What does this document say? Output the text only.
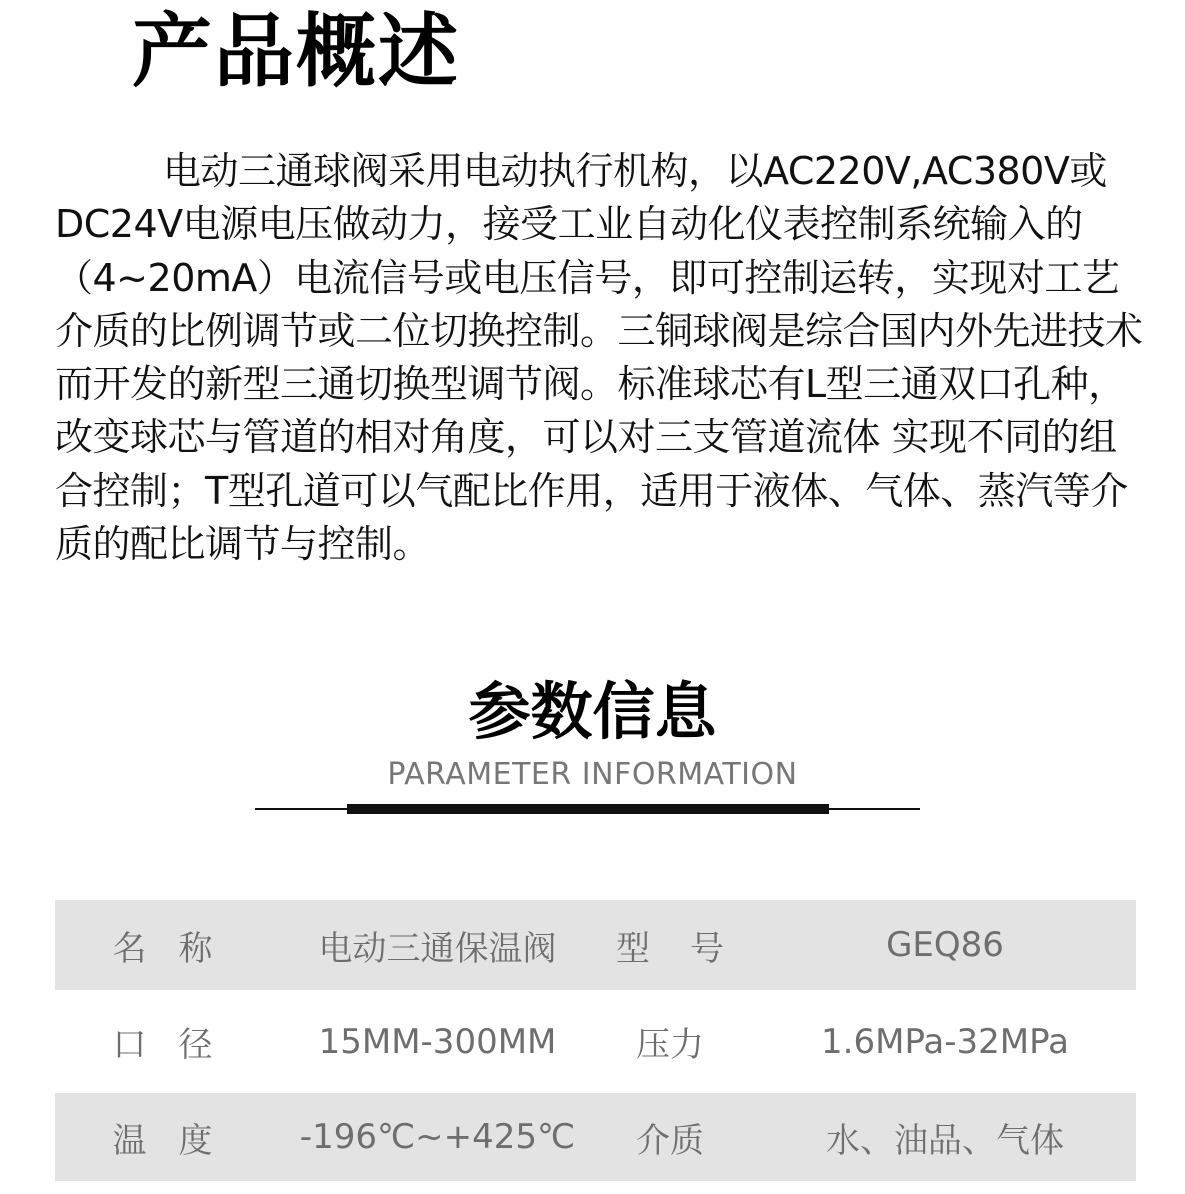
产品概述

电动三通球阀采用电动执行机构，以AC220V,AC380V或DC24V电源电压做动力，接受工业自动化仪表控制系统输入的（4~20mA）电流信号或电压信号，即可控制运转，实现对工艺介质的比例调节或二位切换控制。三铜球阀是综合国内外先进技术而开发的新型三通切换型调节阀。标准球芯有L型三通双口孔种，改变球芯与管道的相对角度，可以对三支管道流体 实现不同的组合控制；T型孔道可以气配比作用，适用于液体、气体、蒸汽等介质的配比调节与控制。

参数信息
PARAMETER INFORMATION
名称	电动三通保温阀	型号	GEQ86
口径	15MM-300MM	压力	1.6MPa-32MPa
温度	-196℃~+425℃	介质	水、油品、气体
